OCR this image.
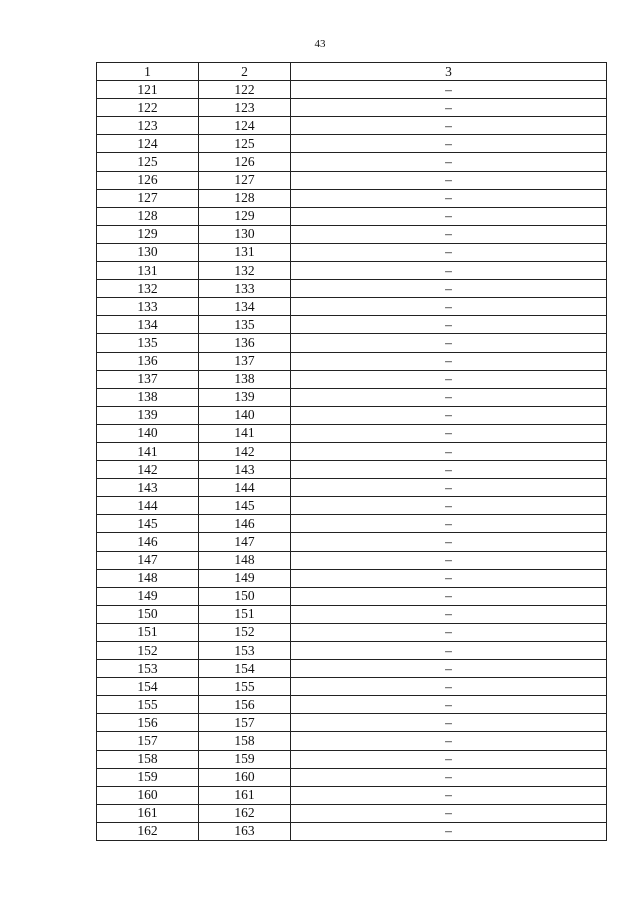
43
1	2	3
121	122	–
122	123	–
123	124	–
124	125	–
125	126	–
126	127	–
127	128	–
128	129	–
129	130	–
130	131	–
131	132	–
132	133	–
133	134	–
134	135	–
135	136	–
136	137	–
137	138	–
138	139	–
139	140	–
140	141	–
141	142	–
142	143	–
143	144	–
144	145	–
145	146	–
146	147	–
147	148	–
148	149	–
149	150	–
150	151	–
151	152	–
152	153	–
153	154	–
154	155	–
155	156	–
156	157	–
157	158	–
158	159	–
159	160	–
160	161	–
161	162	–
162	163	–
